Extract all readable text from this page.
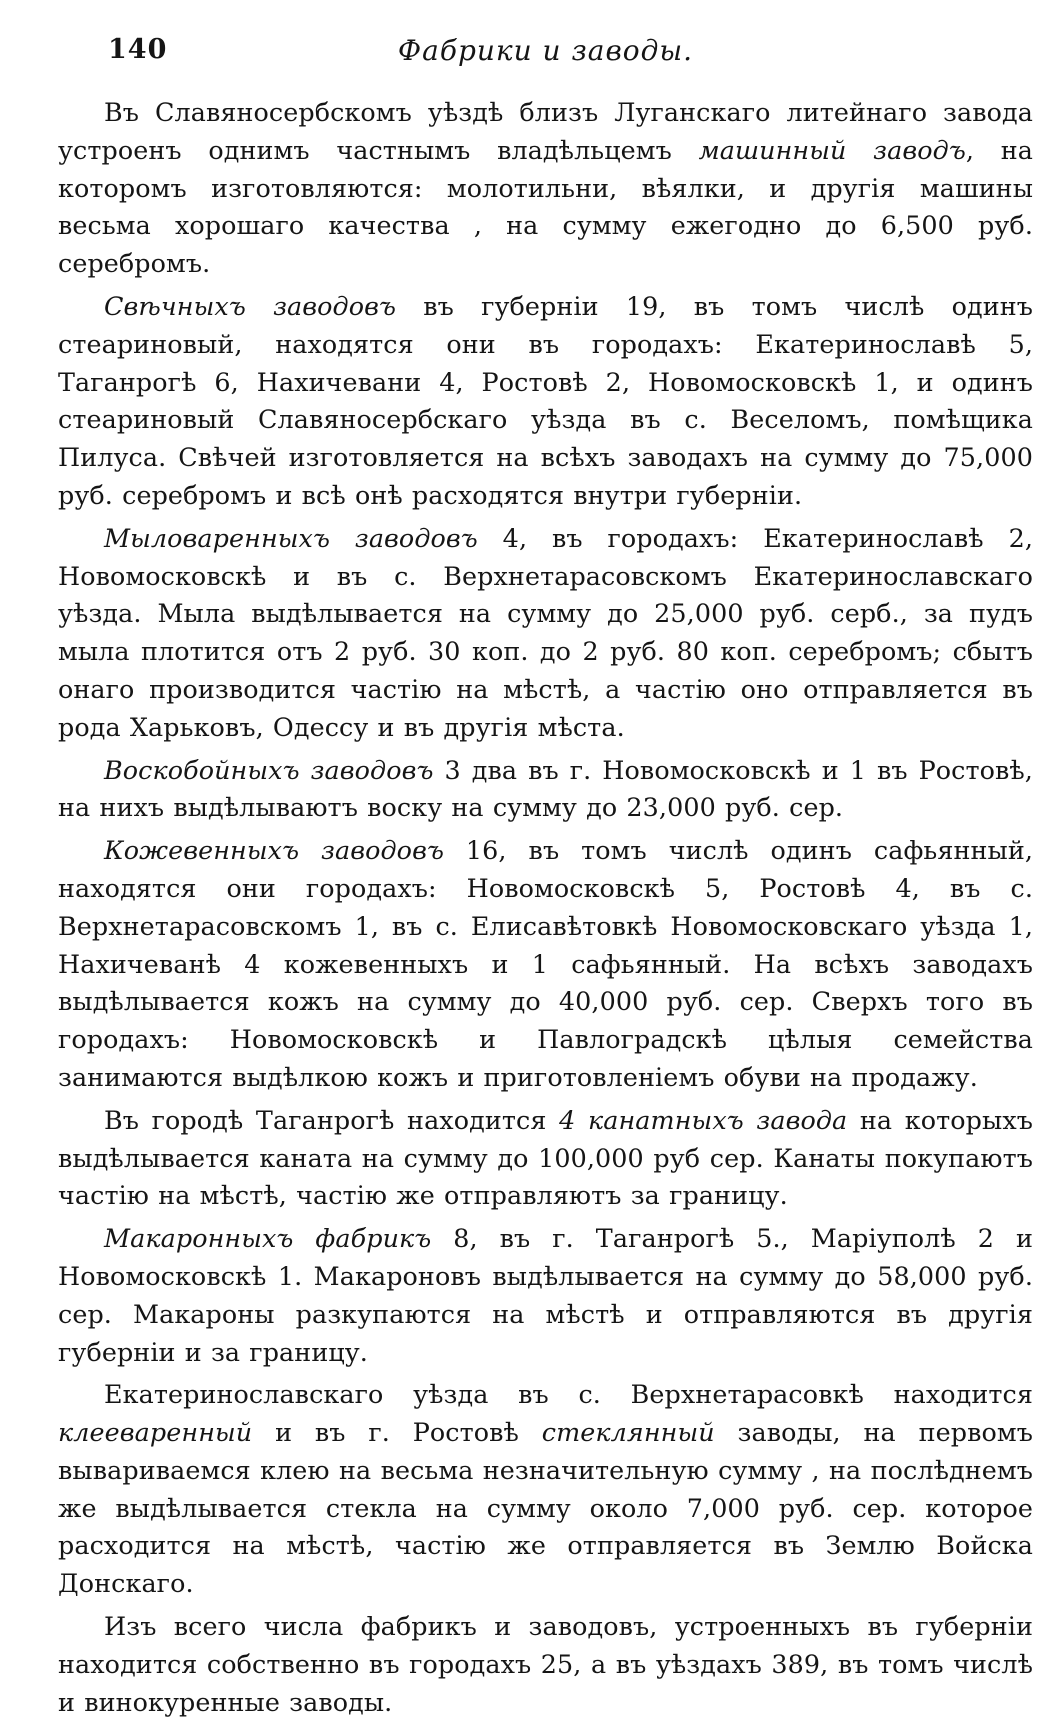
140	Фабрики и заводы.

Въ Славяносербскомъ уѣздѣ близъ Луганскаго литейнаго завода устроенъ однимъ частнымъ владѣльцемъ машинный заводъ, на которомъ изготовляются: молотильни, вѣялки, и другія машины весьма хорошаго качества , на сумму ежегодно до 6,500 руб. серебромъ.

Свѣчныхъ заводовъ въ губерніи 19, въ томъ числѣ одинъ стеариновый, находятся они въ городахъ: Екатеринославѣ 5, Таганрогѣ 6, Нахичевани 4, Ростовѣ 2, Новомосковскѣ 1, и одинъ стеариновый Славяносербскаго уѣзда въ с. Веселомъ, помѣщика Пилуса. Свѣчей изготовляется на всѣхъ заводахъ на сумму до 75,000 руб. серебромъ и всѣ онѣ расходятся внутри губерніи.

Мыловаренныхъ заводовъ 4, въ городахъ: Екатеринославѣ 2, Новомосковскѣ и въ с. Верхнетарасовскомъ Екатеринославскаго уѣзда. Мыла выдѣлывается на сумму до 25,000 руб. серб., за пудъ мыла плотится отъ 2 руб. 30 коп. до 2 руб. 80 коп. серебромъ; сбытъ онаго производится частію на мѣстѣ, а частію оно отправляется въ рода Харьковъ, Одессу и въ другія мѣста.

Воскобойныхъ заводовъ 3 два въ г. Новомосковскѣ и 1 въ Ростовѣ, на нихъ выдѣлываютъ воску на сумму до 23,000 руб. сер.

Кожевенныхъ заводовъ 16, въ томъ числѣ одинъ сафьянный, находятся они городахъ: Новомосковскѣ 5, Ростовѣ 4, въ с. Верхнетарасовскомъ 1, въ с. Елисавѣтовкѣ Новомосковскаго уѣзда 1, Нахичеванѣ 4 кожевенныхъ и 1 сафьянный. На всѣхъ заводахъ выдѣлывается кожъ на сумму до 40,000 руб. сер. Сверхъ того въ городахъ: Новомосковскѣ и Павлоградскѣ цѣлыя семейства занимаются выдѣлкою кожъ и приготовленіемъ обуви на продажу.

Въ городѣ Таганрогѣ находится 4 канатныхъ завода на которыхъ выдѣлывается каната на сумму до 100,000 руб сер. Канаты покупаютъ частію на мѣстѣ, частію же отправляютъ за границу.

Макаронныхъ фабрикъ 8, въ г. Таганрогѣ 5., Маріуполѣ 2 и Новомосковскѣ 1. Макароновъ выдѣлывается на сумму до 58,000 руб. сер. Макароны разкупаются на мѣстѣ и отправляются въ другія губерніи и за границу.

Екатеринославскаго уѣзда въ с. Верхнетарасовкѣ находится клееваренный и въ г. Ростовѣ стеклянный заводы, на первомъ вывариваемся клею на весьма незначительную сумму , на послѣднемъ же выдѣлывается стекла на сумму около 7,000 руб. сер. которое расходится на мѣстѣ, частію же отправляется въ Землю Войска Донскаго.

Изъ всего числа фабрикъ и заводовъ, устроенныхъ въ губерніи находится собственно въ городахъ 25, а въ уѣздахъ 389, въ томъ числѣ и винокуренные заводы.
